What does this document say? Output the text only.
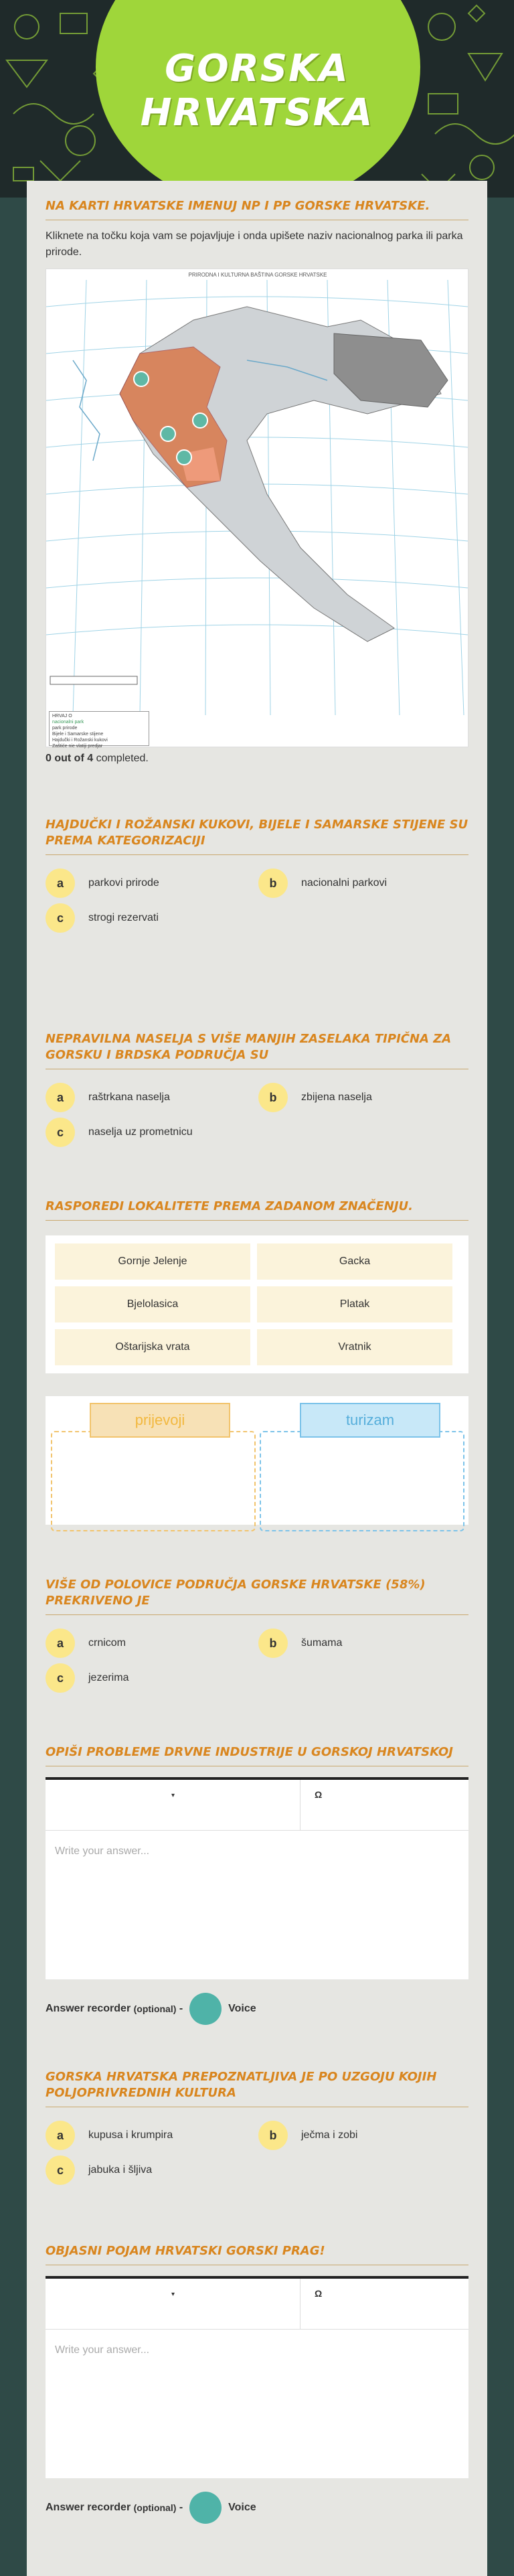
GORSKA
HRVATSKA
NA KARTI HRVATSKE IMENUJ NP I PP GORSKE HRVATSKE.
Kliknete na točku koja vam se pojavljuje i onda upišete naziv nacionalnog parka ili parka prirode.
PRIRODNA I KULTURNA BAŠTINA GORSKE HRVATSKE
HRVAJ O
nacionalni park
park prirode
Bijele i Samarske stijene
Hajdučki i Rožanski kukovi
Zaštiće nie vlatiji predjar
0 out of 4 completed.
HAJDUČKI I ROŽANSKI KUKOVI, BIJELE I SAMARSKE STIJENE SU PREMA KATEGORIZACIJI
a	parkovi prirode	b	nacionalni parkovi
c	strogi rezervati
NEPRAVILNA NASELJA S VIŠE MANJIH ZASELAKA TIPIČNA ZA GORSKU I BRDSKA PODRUČJA SU
a	raštrkana naselja	b	zbijena naselja
c	naselja uz prometnicu
RASPOREDI LOKALITETE PREMA ZADANOM ZNAČENJU.
Gornje Jelenje	Gacka
Bjelolasica	Platak
Oštarijska vrata	Vratnik
prijevoji	turizam
VIŠE OD POLOVICE PODRUČJA GORSKE HRVATSKE (58%) PREKRIVENO JE
a	crnicom	b	šumama
c	jezerima
OPIŠI PROBLEME DRVNE INDUSTRIJE U GORSKOJ HRVATSKOJ
▾	Ω
Write your answer...
Answer recorder
(optional)
-	Voice
GORSKA HRVATSKA PREPOZNATLJIVA JE PO UZGOJU KOJIH POLJOPRIVREDNIH KULTURA
a	kupusa i krumpira	b	ječma i zobi
c	jabuka i šljiva
OBJASNI POJAM HRVATSKI GORSKI PRAG!
▾	Ω
Write your answer...
Answer recorder
(optional)
-	Voice
